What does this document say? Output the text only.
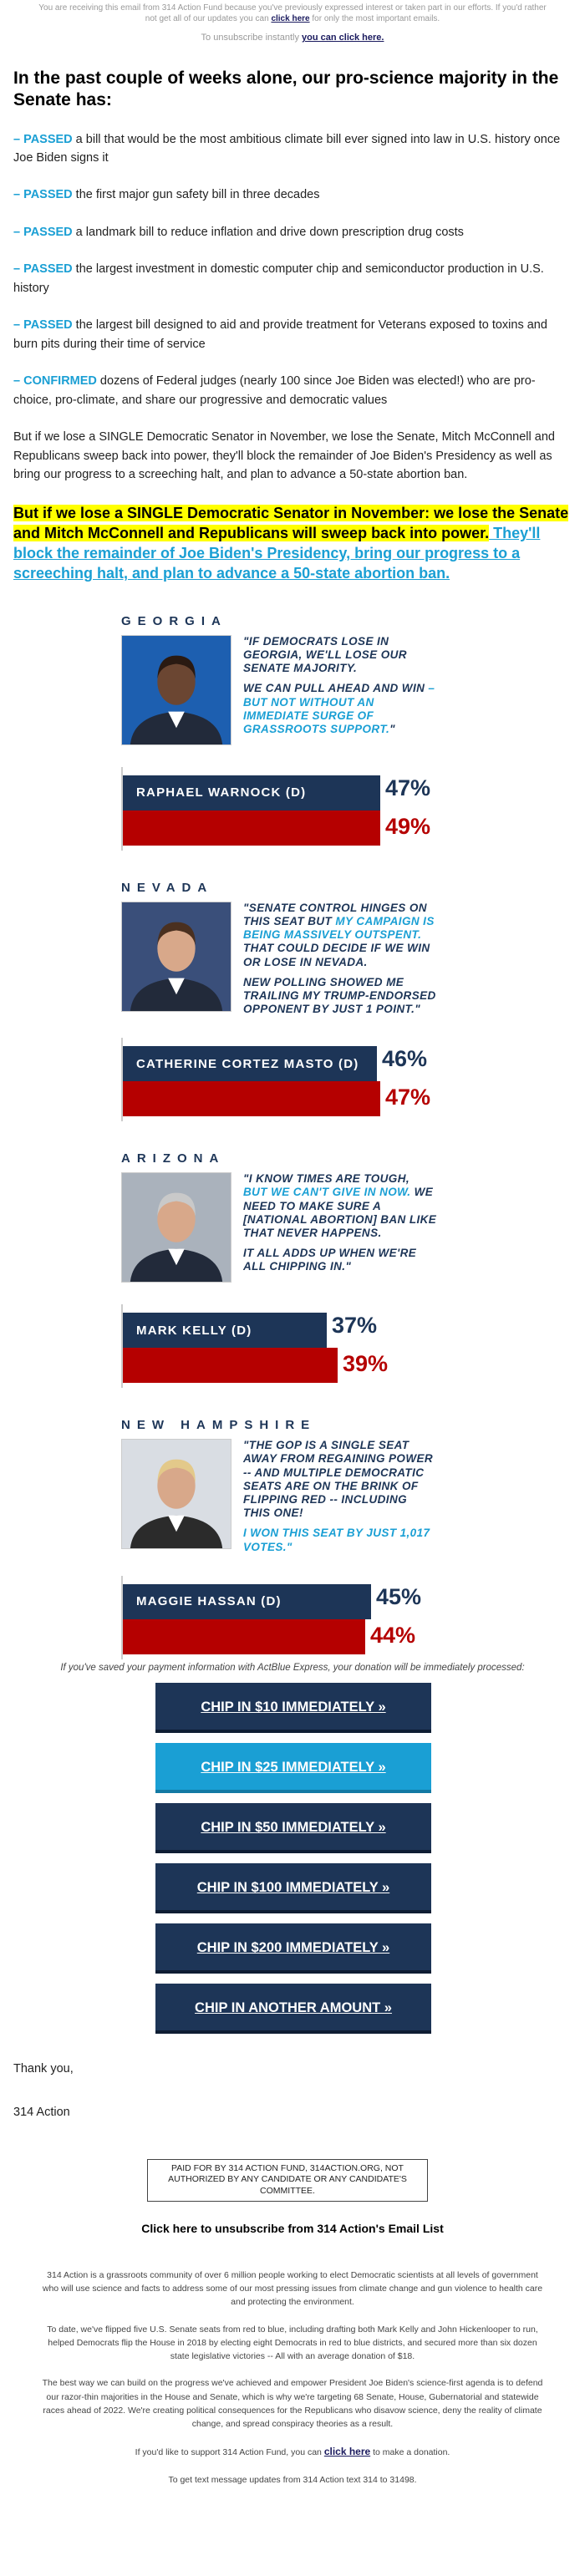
You are receiving this email from 314 Action Fund because you've previously expressed interest or taken part in our efforts. If you'd rather not get all of our updates you can click here for only the most important emails.
To unsubscribe instantly you can click here.
In the past couple of weeks alone, our pro-science majority in the Senate has:

– PASSED a bill that would be the most ambitious climate bill ever signed into law in U.S. history once Joe Biden signs it

– PASSED the first major gun safety bill in three decades

– PASSED a landmark bill to reduce inflation and drive down prescription drug costs

– PASSED the largest investment in domestic computer chip and semiconductor production in U.S. history

– PASSED the largest bill designed to aid and provide treatment for Veterans exposed to toxins and burn pits during their time of service

– CONFIRMED dozens of Federal judges (nearly 100 since Joe Biden was elected!) who are pro-choice, pro-climate, and share our progressive and democratic values

But if we lose a SINGLE Democratic Senator in November, we lose the Senate, Mitch McConnell and Republicans sweep back into power, they'll block the remainder of Joe Biden's Presidency as well as bring our progress to a screeching halt, and plan to advance a 50-state abortion ban.

But if we lose a SINGLE Democratic Senator in November: we lose the Senate and Mitch McConnell and Republicans will sweep back into power. They'll block the remainder of Joe Biden's Presidency, bring our progress to a screeching halt, and plan to advance a 50-state abortion ban.

GEORGIA

"IF DEMOCRATS LOSE IN GEORGIA, WE'LL LOSE OUR SENATE MAJORITY.

WE CAN PULL AHEAD AND WIN – BUT NOT WITHOUT AN IMMEDIATE SURGE OF GRASSROOTS SUPPORT."

RAPHAEL WARNOCK (D)	47%
49%
NEVADA

"SENATE CONTROL HINGES ON THIS SEAT BUT MY CAMPAIGN IS BEING MASSIVELY OUTSPENT. THAT COULD DECIDE IF WE WIN OR LOSE IN NEVADA.

NEW POLLING SHOWED ME TRAILING MY TRUMP-ENDORSED OPPONENT BY JUST 1 POINT."

CATHERINE CORTEZ MASTO (D) 46%
47%
ARIZONA

"I KNOW TIMES ARE TOUGH, BUT WE CAN'T GIVE IN NOW. WE NEED TO MAKE SURE A [NATIONAL ABORTION] BAN LIKE THAT NEVER HAPPENS.

IT ALL ADDS UP WHEN WE'RE ALL CHIPPING IN."

MARK KELLY (D)	37%
39%
NEW HAMPSHIRE

"THE GOP IS A SINGLE SEAT AWAY FROM REGAINING POWER -- AND MULTIPLE DEMOCRATIC SEATS ARE ON THE BRINK OF FLIPPING RED -- INCLUDING THIS ONE!

I WON THIS SEAT BY JUST 1,017 VOTES."

MAGGIE HASSAN (D)	45%
44%

If you've saved your payment information with ActBlue Express, your donation will be immediately processed:

CHIP IN $10 IMMEDIATELY »
CHIP IN $25 IMMEDIATELY »
CHIP IN $50 IMMEDIATELY »
CHIP IN $100 IMMEDIATELY »
CHIP IN $200 IMMEDIATELY »
CHIP IN ANOTHER AMOUNT »

Thank you,

314 Action

PAID FOR BY 314 ACTION FUND, 314ACTION.ORG, NOT AUTHORIZED BY ANY CANDIDATE OR ANY CANDIDATE'S COMMITTEE.

Click here to unsubscribe from 314 Action's Email List

314 Action is a grassroots community of over 6 million people working to elect Democratic scientists at all levels of government who will use science and facts to address some of our most pressing issues from climate change and gun violence to health care and protecting the environment.

To date, we've flipped five U.S. Senate seats from red to blue, including drafting both Mark Kelly and John Hickenlooper to run, helped Democrats flip the House in 2018 by electing eight Democrats in red to blue districts, and secured more than six dozen state legislative victories -- All with an average donation of $18.

The best way we can build on the progress we've achieved and empower President Joe Biden's science-first agenda is to defend our razor-thin majorities in the House and Senate, which is why we're targeting 68 Senate, House, Gubernatorial and statewide races ahead of 2022. We're creating political consequences for the Republicans who disavow science, deny the reality of climate change, and spread conspiracy theories as a result.

If you'd like to support 314 Action Fund, you can click here to make a donation.

To get text message updates from 314 Action text 314 to 31498.
